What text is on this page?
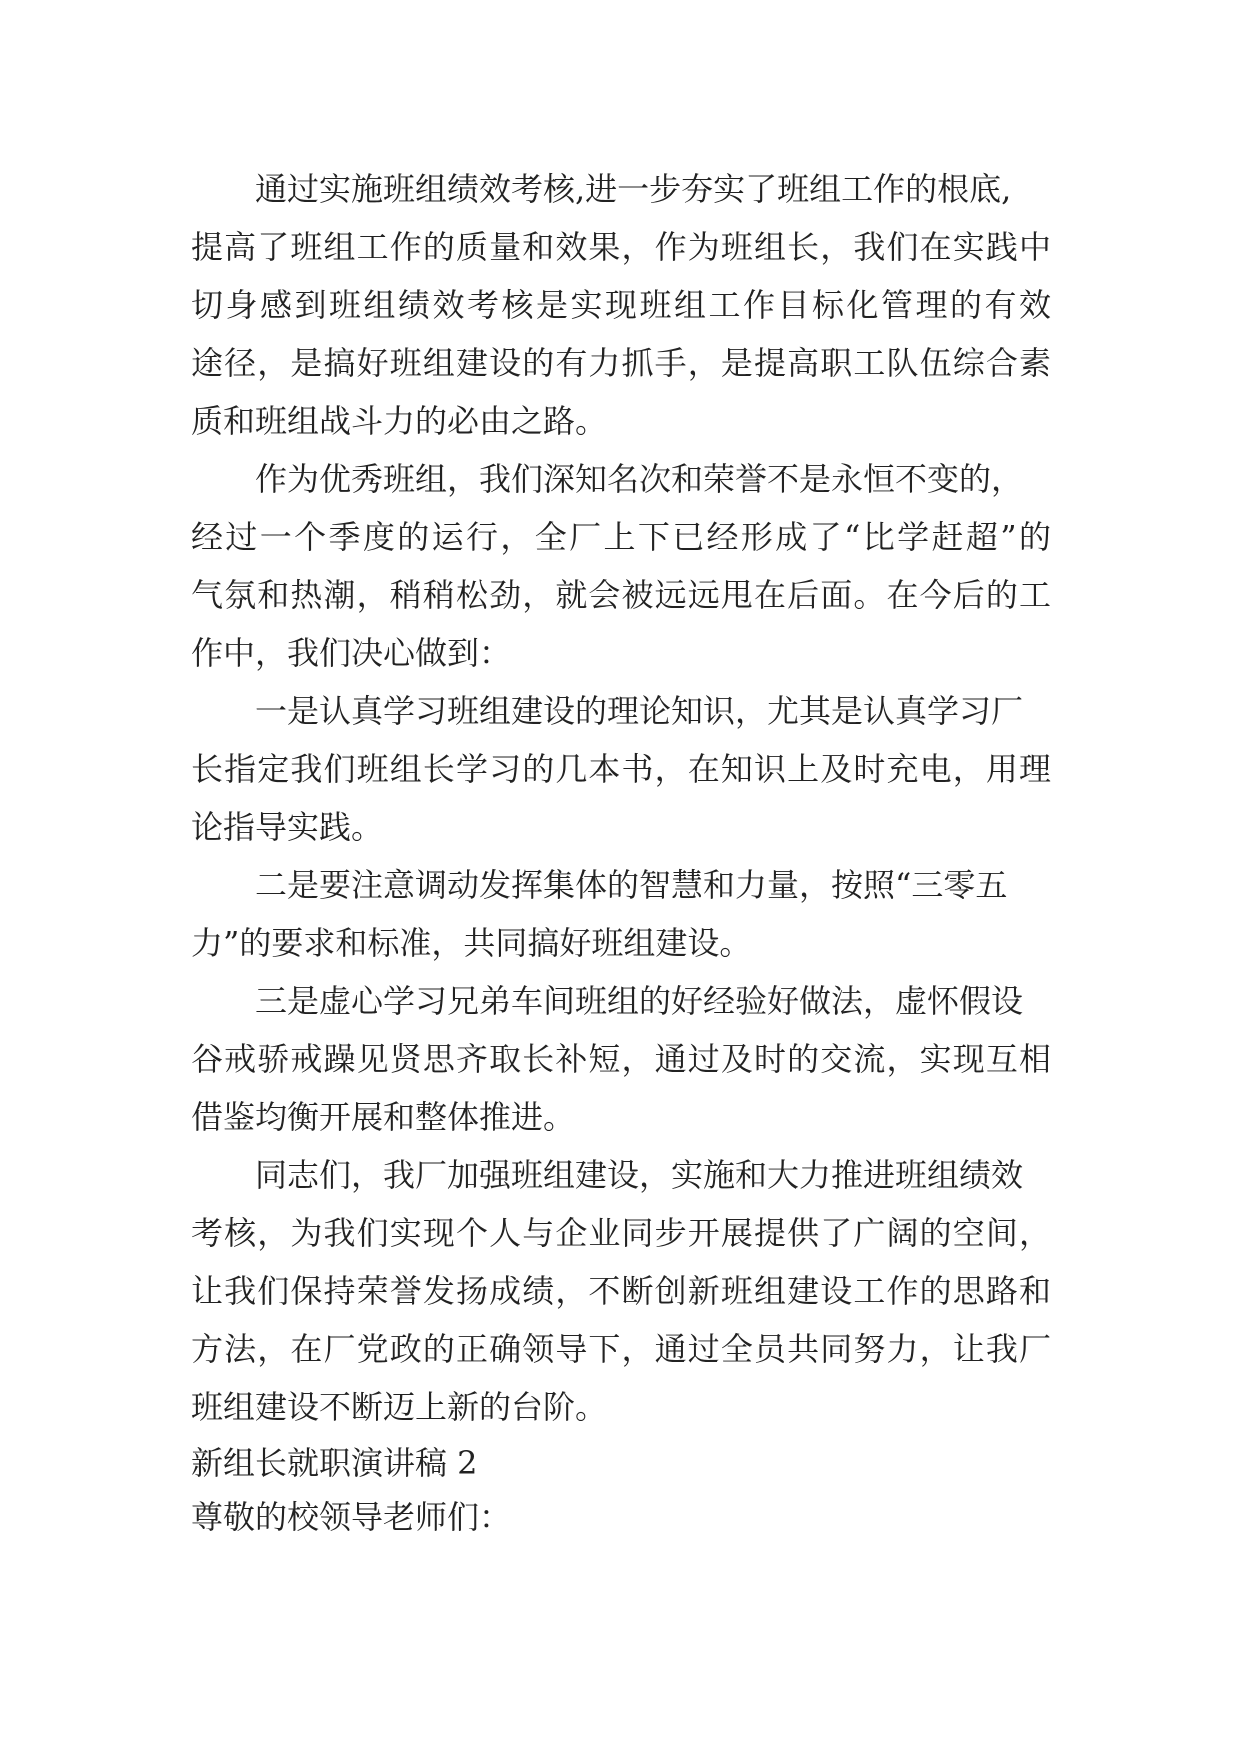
通过实施班组绩效考核,进一步夯实了班组工作的根底,
提高了班组工作的质量和效果，作为班组长，我们在实践中
切身感到班组绩效考核是实现班组工作目标化管理的有效
途径，是搞好班组建设的有力抓手，是提高职工队伍综合素
质和班组战斗力的必由之路。
作为优秀班组，我们深知名次和荣誉不是永恒不变的，
经过一个季度的运行，全厂上下已经形成了“比学赶超”的
气氛和热潮，稍稍松劲，就会被远远甩在后面。在今后的工
作中，我们决心做到：
一是认真学习班组建设的理论知识，尤其是认真学习厂
长指定我们班组长学习的几本书，在知识上及时充电，用理
论指导实践。
二是要注意调动发挥集体的智慧和力量，按照“三零五
力”的要求和标准，共同搞好班组建设。
三是虚心学习兄弟车间班组的好经验好做法，虚怀假设
谷戒骄戒躁见贤思齐取长补短，通过及时的交流，实现互相
借鉴均衡开展和整体推进。
同志们，我厂加强班组建设，实施和大力推进班组绩效
考核，为我们实现个人与企业同步开展提供了广阔的空间，
让我们保持荣誉发扬成绩，不断创新班组建设工作的思路和
方法，在厂党政的正确领导下，通过全员共同努力，让我厂
班组建设不断迈上新的台阶。
新组长就职演讲稿 2
尊敬的校领导老师们：
